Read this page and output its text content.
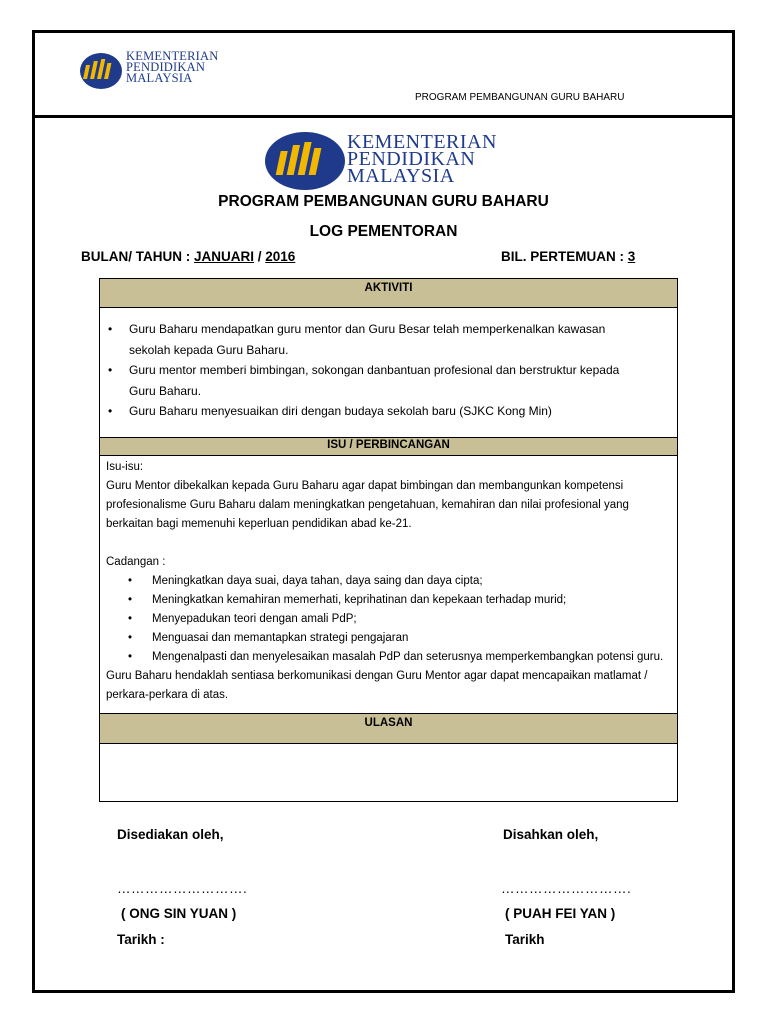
KEMENTERIAN
PENDIDIKAN
MALAYSIA
PROGRAM PEMBANGUNAN GURU BAHARU
KEMENTERIAN
PENDIDIKAN
MALAYSIA
PROGRAM PEMBANGUNAN GURU BAHARU
LOG PEMENTORAN
BULAN/ TAHUN : JANUARI / 2016	BIL. PERTEMUAN : 3
AKTIVITI
• Guru Baharu mendapatkan guru mentor dan Guru Besar telah memperkenalkan kawasan sekolah kepada Guru Baharu.
• Guru mentor memberi bimbingan, sokongan danbantuan profesional dan berstruktur kepada Guru Baharu.
• Guru Baharu menyesuaikan diri dengan budaya sekolah baru (SJKC Kong Min)
ISU / PERBINCANGAN

Isu-isu:

Guru Mentor dibekalkan kepada Guru Baharu agar dapat bimbingan dan membangunkan kompetensi profesionalisme Guru Baharu dalam meningkatkan pengetahuan, kemahiran dan nilai profesional yang berkaitan bagi memenuhi keperluan pendidikan abad ke-21.

Cadangan :

• Meningkatkan daya suai, daya tahan, daya saing dan daya cipta;
• Meningkatkan kemahiran memerhati, keprihatinan dan kepekaan terhadap murid;
• Menyepadukan teori dengan amali PdP;
• Menguasai dan memantapkan strategi pengajaran
• Mengenalpasti dan menyelesaikan masalah PdP dan seterusnya memperkembangkan potensi guru.

Guru Baharu hendaklah sentiasa berkomunikasi dengan Guru Mentor agar dapat mencapaikan matlamat / perkara-perkara di atas.

ULASAN
Disediakan oleh,
……………………….
( ONG SIN YUAN )
Tarikh :
Disahkan oleh,
……………………….
( PUAH FEI YAN )
Tarikh
